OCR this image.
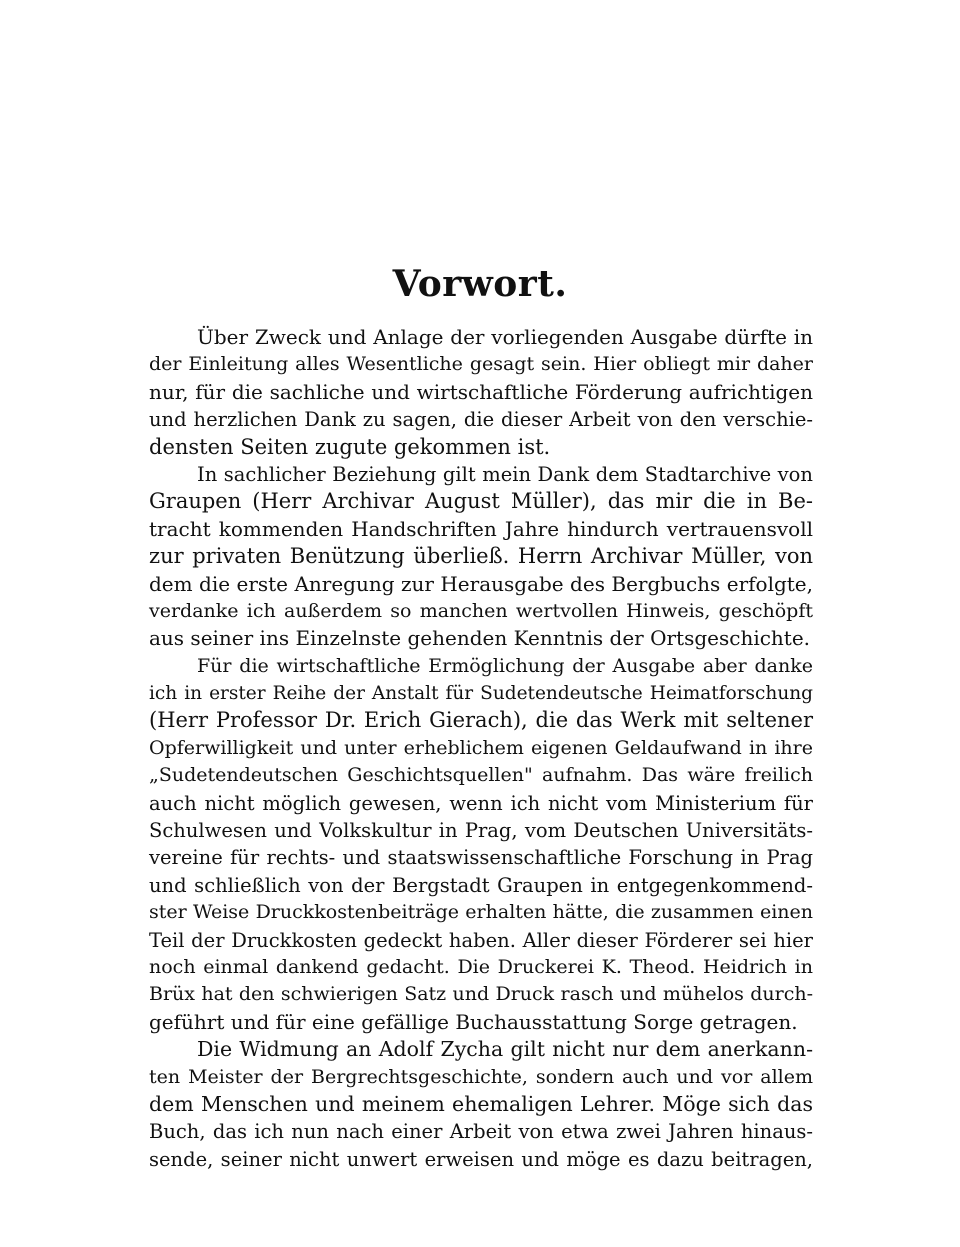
Vorwort.
Über Zweck und Anlage der vorliegenden Ausgabe dürfte in
der Einleitung alles Wesentliche gesagt sein. Hier obliegt mir daher
nur, für die sachliche und wirtschaftliche Förderung aufrichtigen
und herzlichen Dank zu sagen, die dieser Arbeit von den verschie-
densten Seiten zugute gekommen ist.
In sachlicher Beziehung gilt mein Dank dem Stadtarchive von
Graupen (Herr Archivar August Müller), das mir die in Be-
tracht kommenden Handschriften Jahre hindurch vertrauensvoll
zur privaten Benützung überließ. Herrn Archivar Müller, von
dem die erste Anregung zur Herausgabe des Bergbuchs erfolgte,
verdanke ich außerdem so manchen wertvollen Hinweis, geschöpft
aus seiner ins Einzelnste gehenden Kenntnis der Ortsgeschichte.
Für die wirtschaftliche Ermöglichung der Ausgabe aber danke
ich in erster Reihe der Anstalt für Sudetendeutsche Heimatforschung
(Herr Professor Dr. Erich Gierach), die das Werk mit seltener
Opferwilligkeit und unter erheblichem eigenen Geldaufwand in ihre
„Sudetendeutschen Geschichtsquellen" aufnahm. Das wäre freilich
auch nicht möglich gewesen, wenn ich nicht vom Ministerium für
Schulwesen und Volkskultur in Prag, vom Deutschen Universitäts-
vereine für rechts- und staatswissenschaftliche Forschung in Prag
und schließlich von der Bergstadt Graupen in entgegenkommend-
ster Weise Druckkostenbeiträge erhalten hätte, die zusammen einen
Teil der Druckkosten gedeckt haben. Aller dieser Förderer sei hier
noch einmal dankend gedacht. Die Druckerei K. Theod. Heidrich in
Brüx hat den schwierigen Satz und Druck rasch und mühelos durch-
geführt und für eine gefällige Buchausstattung Sorge getragen.
Die Widmung an Adolf Zycha gilt nicht nur dem anerkann-
ten Meister der Bergrechtsgeschichte, sondern auch und vor allem
dem Menschen und meinem ehemaligen Lehrer. Möge sich das
Buch, das ich nun nach einer Arbeit von etwa zwei Jahren hinaus-
sende, seiner nicht unwert erweisen und möge es dazu beitragen,
